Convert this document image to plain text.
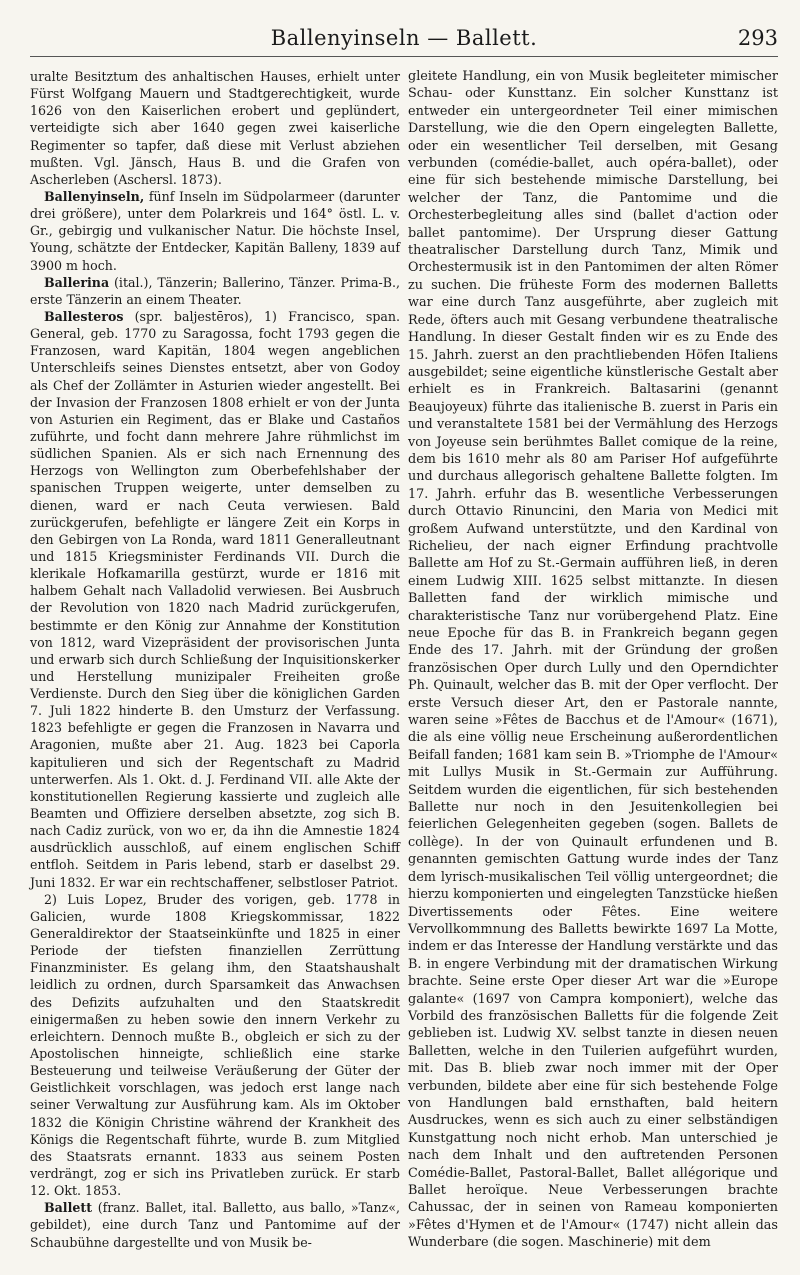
Ballenyinseln — Ballett.	293

uralte Besitztum des anhaltischen Hauses, erhielt unter Fürst Wolfgang Mauern und Stadtgerechtigkeit, wurde 1626 von den Kaiserlichen erobert und geplündert, verteidigte sich aber 1640 gegen zwei kaiserliche Regimenter so tapfer, daß diese mit Verlust abziehen mußten. Vgl. Jänsch, Haus B. und die Grafen von Ascherleben (Aschersl. 1873).

Ballenyinseln, fünf Inseln im Südpolarmeer (darunter drei größere), unter dem Polarkreis und 164° östl. L. v. Gr., gebirgig und vulkanischer Natur. Die höchste Insel, Young, schätzte der Entdecker, Kapitän Balleny, 1839 auf 3900 m hoch.

Ballerina (ital.), Tänzerin; Ballerino, Tänzer. Prima-B., erste Tänzerin an einem Theater.

Ballesteros (spr. baljestēros), 1) Francisco, span. General, geb. 1770 zu Saragossa, focht 1793 gegen die Franzosen, ward Kapitän, 1804 wegen angeblichen Unterschleifs seines Dienstes entsetzt, aber von Godoy als Chef der Zollämter in Asturien wieder angestellt. Bei der Invasion der Franzosen 1808 erhielt er von der Junta von Asturien ein Regiment, das er Blake und Castaños zuführte, und focht dann mehrere Jahre rühmlichst im südlichen Spanien. Als er sich nach Ernennung des Herzogs von Wellington zum Oberbefehlshaber der spanischen Truppen weigerte, unter demselben zu dienen, ward er nach Ceuta verwiesen. Bald zurückgerufen, befehligte er längere Zeit ein Korps in den Gebirgen von La Ronda, ward 1811 Generalleutnant und 1815 Kriegsminister Ferdinands VII. Durch die klerikale Hofkamarilla gestürzt, wurde er 1816 mit halbem Gehalt nach Valladolid verwiesen. Bei Ausbruch der Revolution von 1820 nach Madrid zurückgerufen, bestimmte er den König zur Annahme der Konstitution von 1812, ward Vizepräsident der provisorischen Junta und erwarb sich durch Schließung der Inquisitionskerker und Herstellung munizipaler Freiheiten große Verdienste. Durch den Sieg über die königlichen Garden 7. Juli 1822 hinderte B. den Umsturz der Verfassung. 1823 befehligte er gegen die Franzosen in Navarra und Aragonien, mußte aber 21. Aug. 1823 bei Caporla kapitulieren und sich der Regentschaft zu Madrid unterwerfen. Als 1. Okt. d. J. Ferdinand VII. alle Akte der konstitutionellen Regierung kassierte und zugleich alle Beamten und Offiziere derselben absetzte, zog sich B. nach Cadiz zurück, von wo er, da ihn die Amnestie 1824 ausdrücklich ausschloß, auf einem englischen Schiff entfloh. Seitdem in Paris lebend, starb er daselbst 29. Juni 1832. Er war ein rechtschaffener, selbstloser Patriot.

2) Luis Lopez, Bruder des vorigen, geb. 1778 in Galicien, wurde 1808 Kriegskommissar, 1822 Generaldirektor der Staatseinkünfte und 1825 in einer Periode der tiefsten finanziellen Zerrüttung Finanzminister. Es gelang ihm, den Staatshaushalt leidlich zu ordnen, durch Sparsamkeit das Anwachsen des Defizits aufzuhalten und den Staatskredit einigermaßen zu heben sowie den innern Verkehr zu erleichtern. Dennoch mußte B., obgleich er sich zu der Apostolischen hinneigte, schließlich eine starke Besteuerung und teilweise Veräußerung der Güter der Geistlichkeit vorschlagen, was jedoch erst lange nach seiner Verwaltung zur Ausführung kam. Als im Oktober 1832 die Königin Christine während der Krankheit des Königs die Regentschaft führte, wurde B. zum Mitglied des Staatsrats ernannt. 1833 aus seinem Posten verdrängt, zog er sich ins Privatleben zurück. Er starb 12. Okt. 1853.

Ballett (franz. Ballet, ital. Balletto, aus ballo, »Tanz«, gebildet), eine durch Tanz und Pantomime auf der Schaubühne dargestellte und von Musik be-

gleitete Handlung, ein von Musik begleiteter mimischer Schau- oder Kunsttanz. Ein solcher Kunsttanz ist entweder ein untergeordneter Teil einer mimischen Darstellung, wie die den Opern eingelegten Ballette, oder ein wesentlicher Teil derselben, mit Gesang verbunden (comédie-ballet, auch opéra-ballet), oder eine für sich bestehende mimische Darstellung, bei welcher der Tanz, die Pantomime und die Orchesterbegleitung alles sind (ballet d'action oder ballet pantomime). Der Ursprung dieser Gattung theatralischer Darstellung durch Tanz, Mimik und Orchestermusik ist in den Pantomimen der alten Römer zu suchen. Die früheste Form des modernen Balletts war eine durch Tanz ausgeführte, aber zugleich mit Rede, öfters auch mit Gesang verbundene theatralische Handlung. In dieser Gestalt finden wir es zu Ende des 15. Jahrh. zuerst an den prachtliebenden Höfen Italiens ausgebildet; seine eigentliche künstlerische Gestalt aber erhielt es in Frankreich. Baltasarini (genannt Beaujoyeux) führte das italienische B. zuerst in Paris ein und veranstaltete 1581 bei der Vermählung des Herzogs von Joyeuse sein berühmtes Ballet comique de la reine, dem bis 1610 mehr als 80 am Pariser Hof aufgeführte und durchaus allegorisch gehaltene Ballette folgten. Im 17. Jahrh. erfuhr das B. wesentliche Verbesserungen durch Ottavio Rinuncini, den Maria von Medici mit großem Aufwand unterstützte, und den Kardinal von Richelieu, der nach eigner Erfindung prachtvolle Ballette am Hof zu St.-Germain aufführen ließ, in deren einem Ludwig XIII. 1625 selbst mittanzte. In diesen Balletten fand der wirklich mimische und charakteristische Tanz nur vorübergehend Platz. Eine neue Epoche für das B. in Frankreich begann gegen Ende des 17. Jahrh. mit der Gründung der großen französischen Oper durch Lully und den Operndichter Ph. Quinault, welcher das B. mit der Oper verflocht. Der erste Versuch dieser Art, den er Pastorale nannte, waren seine »Fêtes de Bacchus et de l'Amour« (1671), die als eine völlig neue Erscheinung außerordentlichen Beifall fanden; 1681 kam sein B. »Triomphe de l'Amour« mit Lullys Musik in St.-Germain zur Aufführung. Seitdem wurden die eigentlichen, für sich bestehenden Ballette nur noch in den Jesuitenkollegien bei feierlichen Gelegenheiten gegeben (sogen. Ballets de collège). In der von Quinault erfundenen und B. genannten gemischten Gattung wurde indes der Tanz dem lyrisch-musikalischen Teil völlig untergeordnet; die hierzu komponierten und eingelegten Tanzstücke hießen Divertissements oder Fêtes. Eine weitere Vervollkommnung des Balletts bewirkte 1697 La Motte, indem er das Interesse der Handlung verstärkte und das B. in engere Verbindung mit der dramatischen Wirkung brachte. Seine erste Oper dieser Art war die »Europe galante« (1697 von Campra komponiert), welche das Vorbild des französischen Balletts für die folgende Zeit geblieben ist. Ludwig XV. selbst tanzte in diesen neuen Balletten, welche in den Tuilerien aufgeführt wurden, mit. Das B. blieb zwar noch immer mit der Oper verbunden, bildete aber eine für sich bestehende Folge von Handlungen bald ernsthaften, bald heitern Ausdruckes, wenn es sich auch zu einer selbständigen Kunstgattung noch nicht erhob. Man unterschied je nach dem Inhalt und den auftretenden Personen Comédie-Ballet, Pastoral-Ballet, Ballet allégorique und Ballet heroïque. Neue Verbesserungen brachte Cahussac, der in seinen von Rameau komponierten »Fêtes d'Hymen et de l'Amour« (1747) nicht allein das Wunderbare (die sogen. Maschinerie) mit dem
